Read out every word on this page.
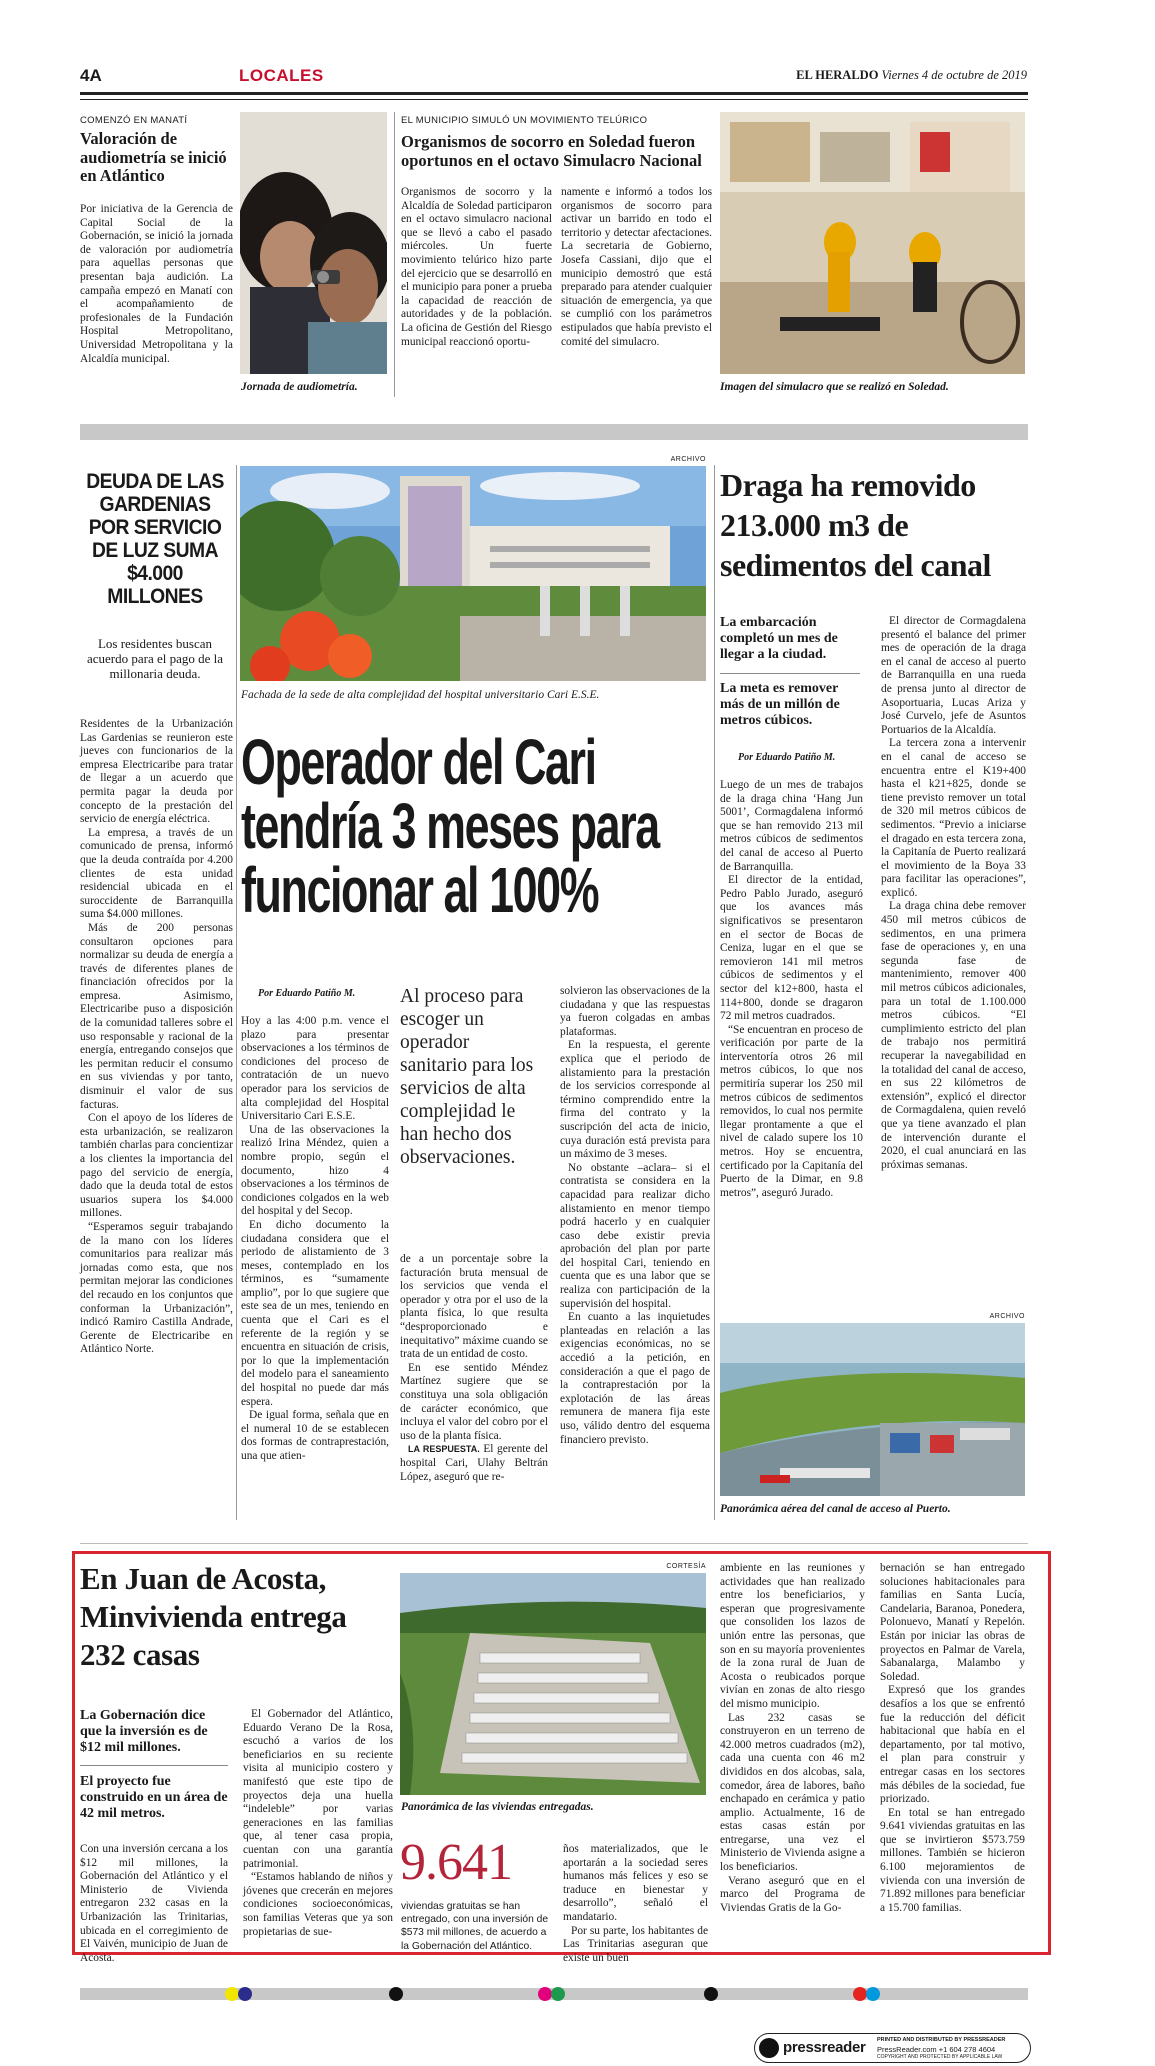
4A	LOCALES	EL HERALDO Viernes 4 de octubre de 2019
COMENZÓ EN MANATÍ
Valoración de audiometría se inició en Atlántico

Por iniciativa de la Gerencia de Capital Social de la Gobernación, se inició la jornada de valoración por audiometría para aquellas personas que presentan baja audición. La campaña empezó en Manatí con el acompañamiento de profesionales de la Fundación Hospital Metropolitano, Universidad Metropolitana y la Alcaldía municipal.

Jornada de audiometría.
EL MUNICIPIO SIMULÓ UN MOVIMIENTO TELÚRICO
Organismos de socorro en Soledad fueron oportunos en el octavo Simulacro Nacional

Organismos de socorro y la Alcaldía de Soledad participaron en el octavo simulacro nacional que se llevó a cabo el pasado miércoles. Un fuerte movimiento telúrico hizo parte del ejercicio que se desarrolló en el municipio para poner a prueba la capacidad de reacción de autoridades y de la población. La oficina de Gestión del Riesgo municipal reaccionó oportu-

namente e informó a todos los organismos de socorro para activar un barrido en todo el territorio y detectar afectaciones. La secretaria de Gobierno, Josefa Cassiani, dijo que el municipio demostró que está preparado para atender cualquier situación de emergencia, ya que se cumplió con los parámetros estipulados que había previsto el comité del simulacro.

Imagen del simulacro que se realizó en Soledad.
DEUDA DE LAS GARDENIAS POR SERVICIO DE LUZ SUMA $4.000 MILLONES
Los residentes buscan acuerdo para el pago de la millonaria deuda.

Residentes de la Urbanización Las Gardenias se reunieron este jueves con funcionarios de la empresa Electricaribe para tratar de llegar a un acuerdo que permita pagar la deuda por concepto de la prestación del servicio de energía eléctrica.

La empresa, a través de un comunicado de prensa, informó que la deuda contraída por 4.200 clientes de esta unidad residencial ubicada en el suroccidente de Barranquilla suma $4.000 millones.

Más de 200 personas consultaron opciones para normalizar su deuda de energía a través de diferentes planes de financiación ofrecidos por la empresa. Asimismo, Electricaribe puso a disposición de la comunidad talleres sobre el uso responsable y racional de la energía, entregando consejos que les permitan reducir el consumo en sus viviendas y por tanto, disminuir el valor de sus facturas.

Con el apoyo de los líderes de esta urbanización, se realizaron también charlas para concientizar a los clientes la importancia del pago del servicio de energía, dado que la deuda total de estos usuarios supera los $4.000 millones.

“Esperamos seguir trabajando de la mano con los líderes comunitarios para realizar más jornadas como esta, que nos permitan mejorar las condiciones del recaudo en los conjuntos que conforman la Urbanización”, indicó Ramiro Castilla Andrade, Gerente de Electricaribe en Atlántico Norte.

ARCHIVO
Fachada de la sede de alta complejidad del hospital universitario Cari E.S.E.
Operador del Cari tendría 3 meses para funcionar al 100%
Por Eduardo Patiño M.

Hoy a las 4:00 p.m. vence el plazo para presentar observaciones a los términos de condiciones del proceso de contratación de un nuevo operador para los servicios de alta complejidad del Hospital Universitario Cari E.S.E.

Una de las observaciones la realizó Irina Méndez, quien a nombre propio, según el documento, hizo 4 observaciones a los términos de condiciones colgados en la web del hospital y del Secop.

En dicho documento la ciudadana considera que el periodo de alistamiento de 3 meses, contemplado en los términos, es “sumamente amplio”, por lo que sugiere que este sea de un mes, teniendo en cuenta que el Cari es el referente de la región y se encuentra en situación de crisis, por lo que la implementación del modelo para el saneamiento del hospital no puede dar más espera.

De igual forma, señala que en el numeral 10 de se establecen dos formas de contraprestación, una que atien-

Al proceso para escoger un operador sanitario para los servicios de alta complejidad le han hecho dos observaciones.

de a un porcentaje sobre la facturación bruta mensual de los servicios que venda el operador y otra por el uso de la planta física, lo que resulta “desproporcionado e inequitativo” máxime cuando se trata de un entidad de costo.

En ese sentido Méndez Martínez sugiere que se constituya una sola obligación de carácter económico, que incluya el valor del cobro por el uso de la planta física.

LA RESPUESTA. El gerente del hospital Cari, Ulahy Beltrán López, aseguró que re-

solvieron las observaciones de la ciudadana y que las respuestas ya fueron colgadas en ambas plataformas.

En la respuesta, el gerente explica que el periodo de alistamiento para la prestación de los servicios corresponde al término comprendido entre la firma del contrato y la suscripción del acta de inicio, cuya duración está prevista para un máximo de 3 meses.

No obstante –aclara– si el contratista se considera en la capacidad para realizar dicho alistamiento en menor tiempo podrá hacerlo y en cualquier caso debe existir previa aprobación del plan por parte del hospital Cari, teniendo en cuenta que es una labor que se realiza con participación de la supervisión del hospital.

En cuanto a las inquietudes planteadas en relación a las exigencias económicas, no se accedió a la petición, en consideración a que el pago de la contraprestación por la explotación de las áreas remunera de manera fija este uso, válido dentro del esquema financiero previsto.

Draga ha removido 213.000 m3 de sedimentos del canal
La embarcación completó un mes de llegar a la ciudad.
La meta es remover más de un millón de metros cúbicos.
Por Eduardo Patiño M.

Luego de un mes de trabajos de la draga china ‘Hang Jun 5001’, Cormagdalena informó que se han removido 213 mil metros cúbicos de sedimentos del canal de acceso al Puerto de Barranquilla.

El director de la entidad, Pedro Pablo Jurado, aseguró que los avances más significativos se presentaron en el sector de Bocas de Ceniza, lugar en el que se removieron 141 mil metros cúbicos de sedimentos y el sector del k12+800, hasta el 114+800, donde se dragaron 72 mil metros cuadrados.

“Se encuentran en proceso de verificación por parte de la interventoría otros 26 mil metros cúbicos, lo que nos permitiría superar los 250 mil metros cúbicos de sedimentos removidos, lo cual nos permite llegar prontamente a que el nivel de calado supere los 10 metros. Hoy se encuentra, certificado por la Capitanía del Puerto de la Dimar, en 9.8 metros”, aseguró Jurado.

El director de Cormagdalena presentó el balance del primer mes de operación de la draga en el canal de acceso al puerto de Barranquilla en una rueda de prensa junto al director de Asoportuaria, Lucas Ariza y José Curvelo, jefe de Asuntos Portuarios de la Alcaldía.

La tercera zona a intervenir en el canal de acceso se encuentra entre el K19+400 hasta el k21+825, donde se tiene previsto remover un total de 320 mil metros cúbicos de sedimentos. “Previo a iniciarse el dragado en esta tercera zona, la Capitanía de Puerto realizará el movimiento de la Boya 33 para facilitar las operaciones”, explicó.

La draga china debe remover 450 mil metros cúbicos de sedimentos, en una primera fase de operaciones y, en una segunda fase de mantenimiento, remover 400 mil metros cúbicos adicionales, para un total de 1.100.000 metros cúbicos. “El cumplimiento estricto del plan de trabajo nos permitirá recuperar la navegabilidad en la totalidad del canal de acceso, en sus 22 kilómetros de extensión”, explicó el director de Cormagdalena, quien reveló que ya tiene avanzado el plan de intervención durante el 2020, el cual anunciará en las próximas semanas.

ARCHIVO
Panorámica aérea del canal de acceso al Puerto.
En Juan de Acosta, Minvivienda entrega 232 casas
La Gobernación dice que la inversión es de $12 mil millones.
El proyecto fue construido en un área de 42 mil metros.

Con una inversión cercana a los $12 mil millones, la Gobernación del Atlántico y el Ministerio de Vivienda entregaron 232 casas en la Urbanización las Trinitarias, ubicada en el corregimiento de El Vaivén, municipio de Juan de Acosta.

El Gobernador del Atlántico, Eduardo Verano De la Rosa, escuchó a varios de los beneficiarios en su reciente visita al municipio costero y manifestó que este tipo de proyectos deja una huella “indeleble” por varias generaciones en las familias que, al tener casa propia, cuentan con una garantía patrimonial.

“Estamos hablando de niños y jóvenes que crecerán en mejores condiciones socioeconómicas, son familias Veteras que ya son propietarias de sue-

CORTESÍA
Panorámica de las viviendas entregadas.
9.641
viviendas gratuitas se han entregado, con una inversión de $573 mil millones, de acuerdo a la Gobernación del Atlántico.

ños materializados, que le aportarán a la sociedad seres humanos más felices y eso se traduce en bienestar y desarrollo”, señaló el mandatario.

Por su parte, los habitantes de Las Trinitarias aseguran que existe un buen

ambiente en las reuniones y actividades que han realizado entre los beneficiarios, y esperan que progresivamente que consoliden los lazos de unión entre las personas, que son en su mayoría provenientes de la zona rural de Juan de Acosta o reubicados porque vivían en zonas de alto riesgo del mismo municipio.

Las 232 casas se construyeron en un terreno de 42.000 metros cuadrados (m2), cada una cuenta con 46 m2 divididos en dos alcobas, sala, comedor, área de labores, baño enchapado en cerámica y patio amplio. Actualmente, 16 de estas casas están por entregarse, una vez el Ministerio de Vivienda asigne a los beneficiarios.

Verano aseguró que en el marco del Programa de Viviendas Gratis de la Go-

bernación se han entregado soluciones habitacionales para familias en Santa Lucía, Candelaria, Baranoa, Ponedera, Polonuevo, Manatí y Repelón. Están por iniciar las obras de proyectos en Palmar de Varela, Sabanalarga, Malambo y Soledad.

Expresó que los grandes desafíos a los que se enfrentó fue la reducción del déficit habitacional que había en el departamento, por tal motivo, el plan para construir y entregar casas en los sectores más débiles de la sociedad, fue priorizado.

En total se han entregado 9.641 viviendas gratuitas en las que se invirtieron $573.759 millones. También se hicieron 6.100 mejoramientos de vivienda con una inversión de 71.892 millones para beneficiar a 15.700 familias.

pressreader PRINTED AND DISTRIBUTED BY PRESSREADER
PressReader.com +1 604 278 4604
COPYRIGHT AND PROTECTED BY APPLICABLE LAW
